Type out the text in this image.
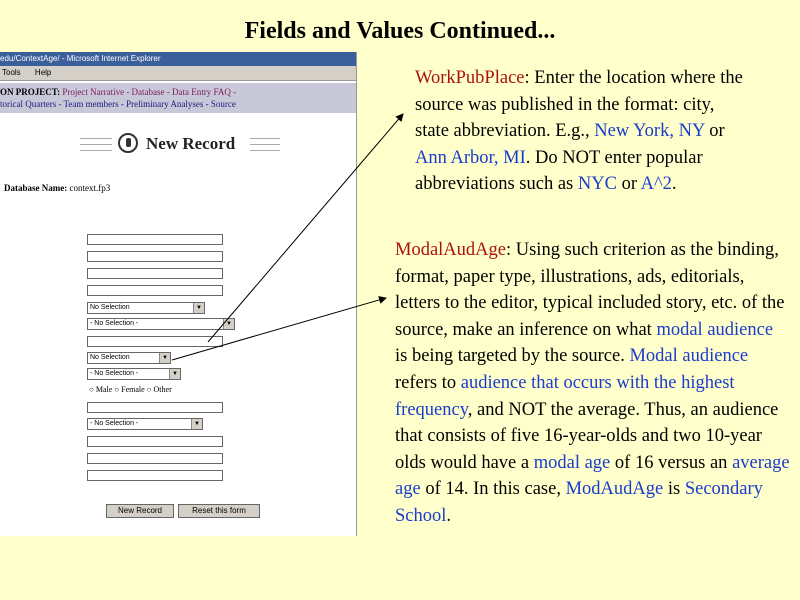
Fields and Values Continued...
edu/ContextAge/ - Microsoft Internet Explorer
Tools Help
ON PROJECT: Project Narrative - Database - Data Entry FAQ -
torical Quarters - Team members - Preliminary Analyses - Source
New Record
Database Name: context.fp3
No Selection	▼
- No Selection -	▼
No Selection	▼
- No Selection -	▼
○ Male ○ Female ○ Other
- No Selection -	▼
New Record	Reset this form
WorkPubPlace: Enter the location where the source was published in the format: city, state abbreviation. E.g., New York, NY or Ann Arbor, MI. Do NOT enter popular abbreviations such as NYC or A^2.
ModalAudAge: Using such criterion as the binding, format, paper type, illustrations, ads, editorials, letters to the editor, typical included story, etc. of the source, make an inference on what modal audience is being targeted by the source. Modal audience refers to audience that occurs with the highest frequency, and NOT the average. Thus, an audience that consists of five 16-year-olds and two 10-year olds would have a modal age of 16 versus an average age of 14. In this case, ModAudAge is Secondary School.
